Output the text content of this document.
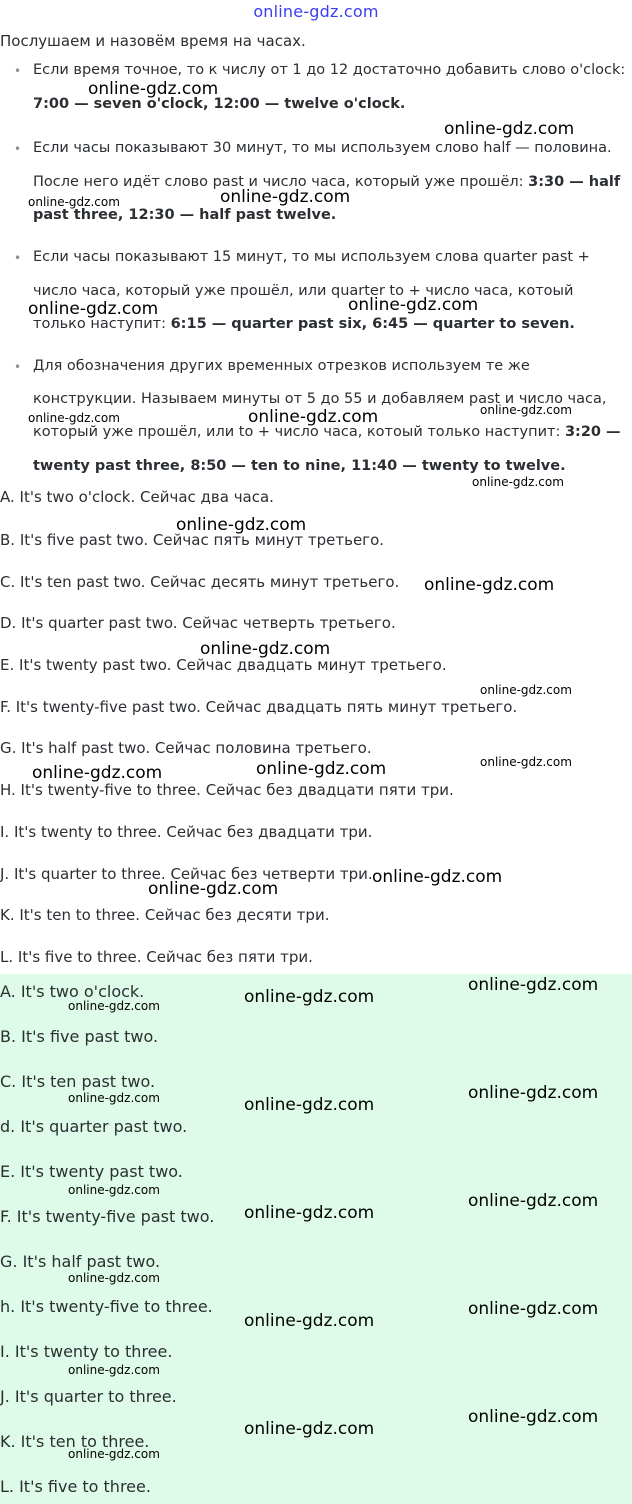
online-gdz.com
Послушаем и назовём время на часах.
• Если время точное, то к числу от 1 до 12 достаточно добавить слово o'clock:
7:00 — seven o'clock, 12:00 — twelve o'clock.
• Если часы показывают 30 минут, то мы используем слово half — половина.
После него идёт слово past и число часа, который уже прошёл: 3:30 — half
past three, 12:30 — half past twelve.
• Если часы показывают 15 минут, то мы используем слова quarter past +
число часа, который уже прошёл, или quarter to + число часа, котоый
только наступит: 6:15 — quarter past six, 6:45 — quarter to seven.
• Для обозначения других временных отрезков используем те же
конструкции. Называем минуты от 5 до 55 и добавляем past и число часа,
который уже прошёл, или to + число часа, котоый только наступит: 3:20 —
twenty past three, 8:50 — ten to nine, 11:40 — twenty to twelve.
A. It's two o'clock. Сейчас два часа.
B. It's five past two. Сейчас пять минут третьего.
C. It's ten past two. Сейчас десять минут третьего.
D. It's quarter past two. Сейчас четверть третьего.
E. It's twenty past two. Сейчас двадцать минут третьего.
F. It's twenty-five past two. Сейчас двадцать пять минут третьего.
G. It's half past two. Сейчас половина третьего.
H. It's twenty-five to three. Сейчас без двадцати пяти три.
I. It's twenty to three. Сейчас без двадцати три.
J. It's quarter to three. Сейчас без четверти три.
K. It's ten to three. Сейчас без десяти три.
L. It's five to three. Сейчас без пяти три.
A. It's two o'clock.
B. It's five past two.
C. It's ten past two.
d. It's quarter past two.
E. It's twenty past two.
F. It's twenty-five past two.
G. It's half past two.
h. It's twenty-five to three.
I. It's twenty to three.
J. It's quarter to three.
K. It's ten to three.
L. It's five to three.
online-gdz.com
online-gdz.com
online-gdz.com
online-gdz.com
online-gdz.com	online-gdz.com
online-gdz.com	online-gdz.com	online-gdz.com
online-gdz.com
online-gdz.com
online-gdz.com
online-gdz.com
online-gdz.com
online-gdz.com	online-gdz.com	online-gdz.com
online-gdz.com
online-gdz.com
online-gdz.com
online-gdz.com
online-gdz.com
online-gdz.com	online-gdz.com
online-gdz.com
online-gdz.com
online-gdz.com
online-gdz.com
online-gdz.com
online-gdz.com
online-gdz.com
online-gdz.com
online-gdz.com
online-gdz.com
online-gdz.com
